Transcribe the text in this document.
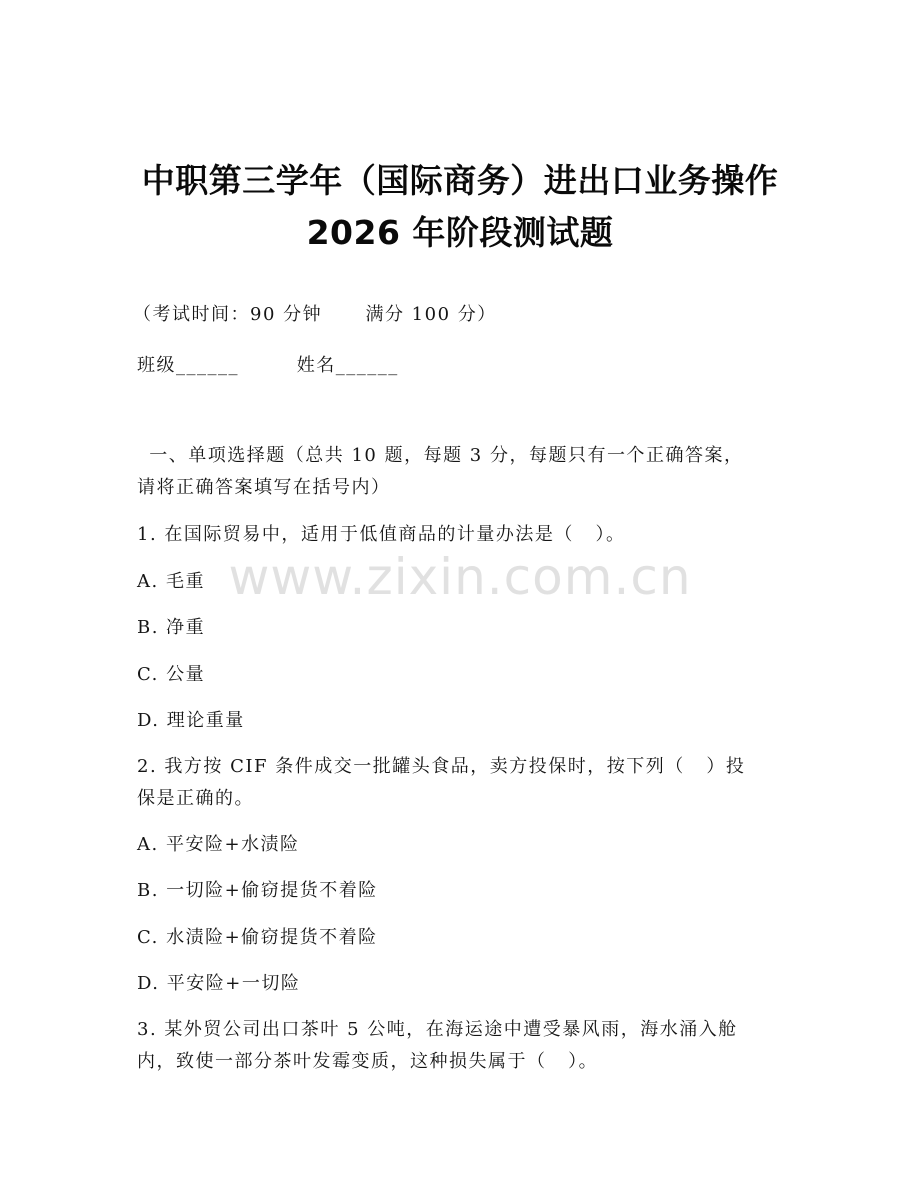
中职第三学年（国际商务）进出口业务操作
2026 年阶段测试题
（考试时间：90 分钟      满分 100 分）
班级______        姓名______
一、单项选择题（总共 10 题，每题 3 分，每题只有一个正确答案，
请将正确答案填写在括号内）
1. 在国际贸易中，适用于低值商品的计量办法是（   ）。
A. 毛重
B. 净重
C. 公量
D. 理论重量
2. 我方按 CIF 条件成交一批罐头食品，卖方投保时，按下列（   ）投
保是正确的。
A. 平安险+水渍险
B. 一切险+偷窃提货不着险
C. 水渍险+偷窃提货不着险
D. 平安险+一切险
3. 某外贸公司出口茶叶 5 公吨，在海运途中遭受暴风雨，海水涌入舱
内，致使一部分茶叶发霉变质，这种损失属于（   ）。
www.zixin.com.cn
